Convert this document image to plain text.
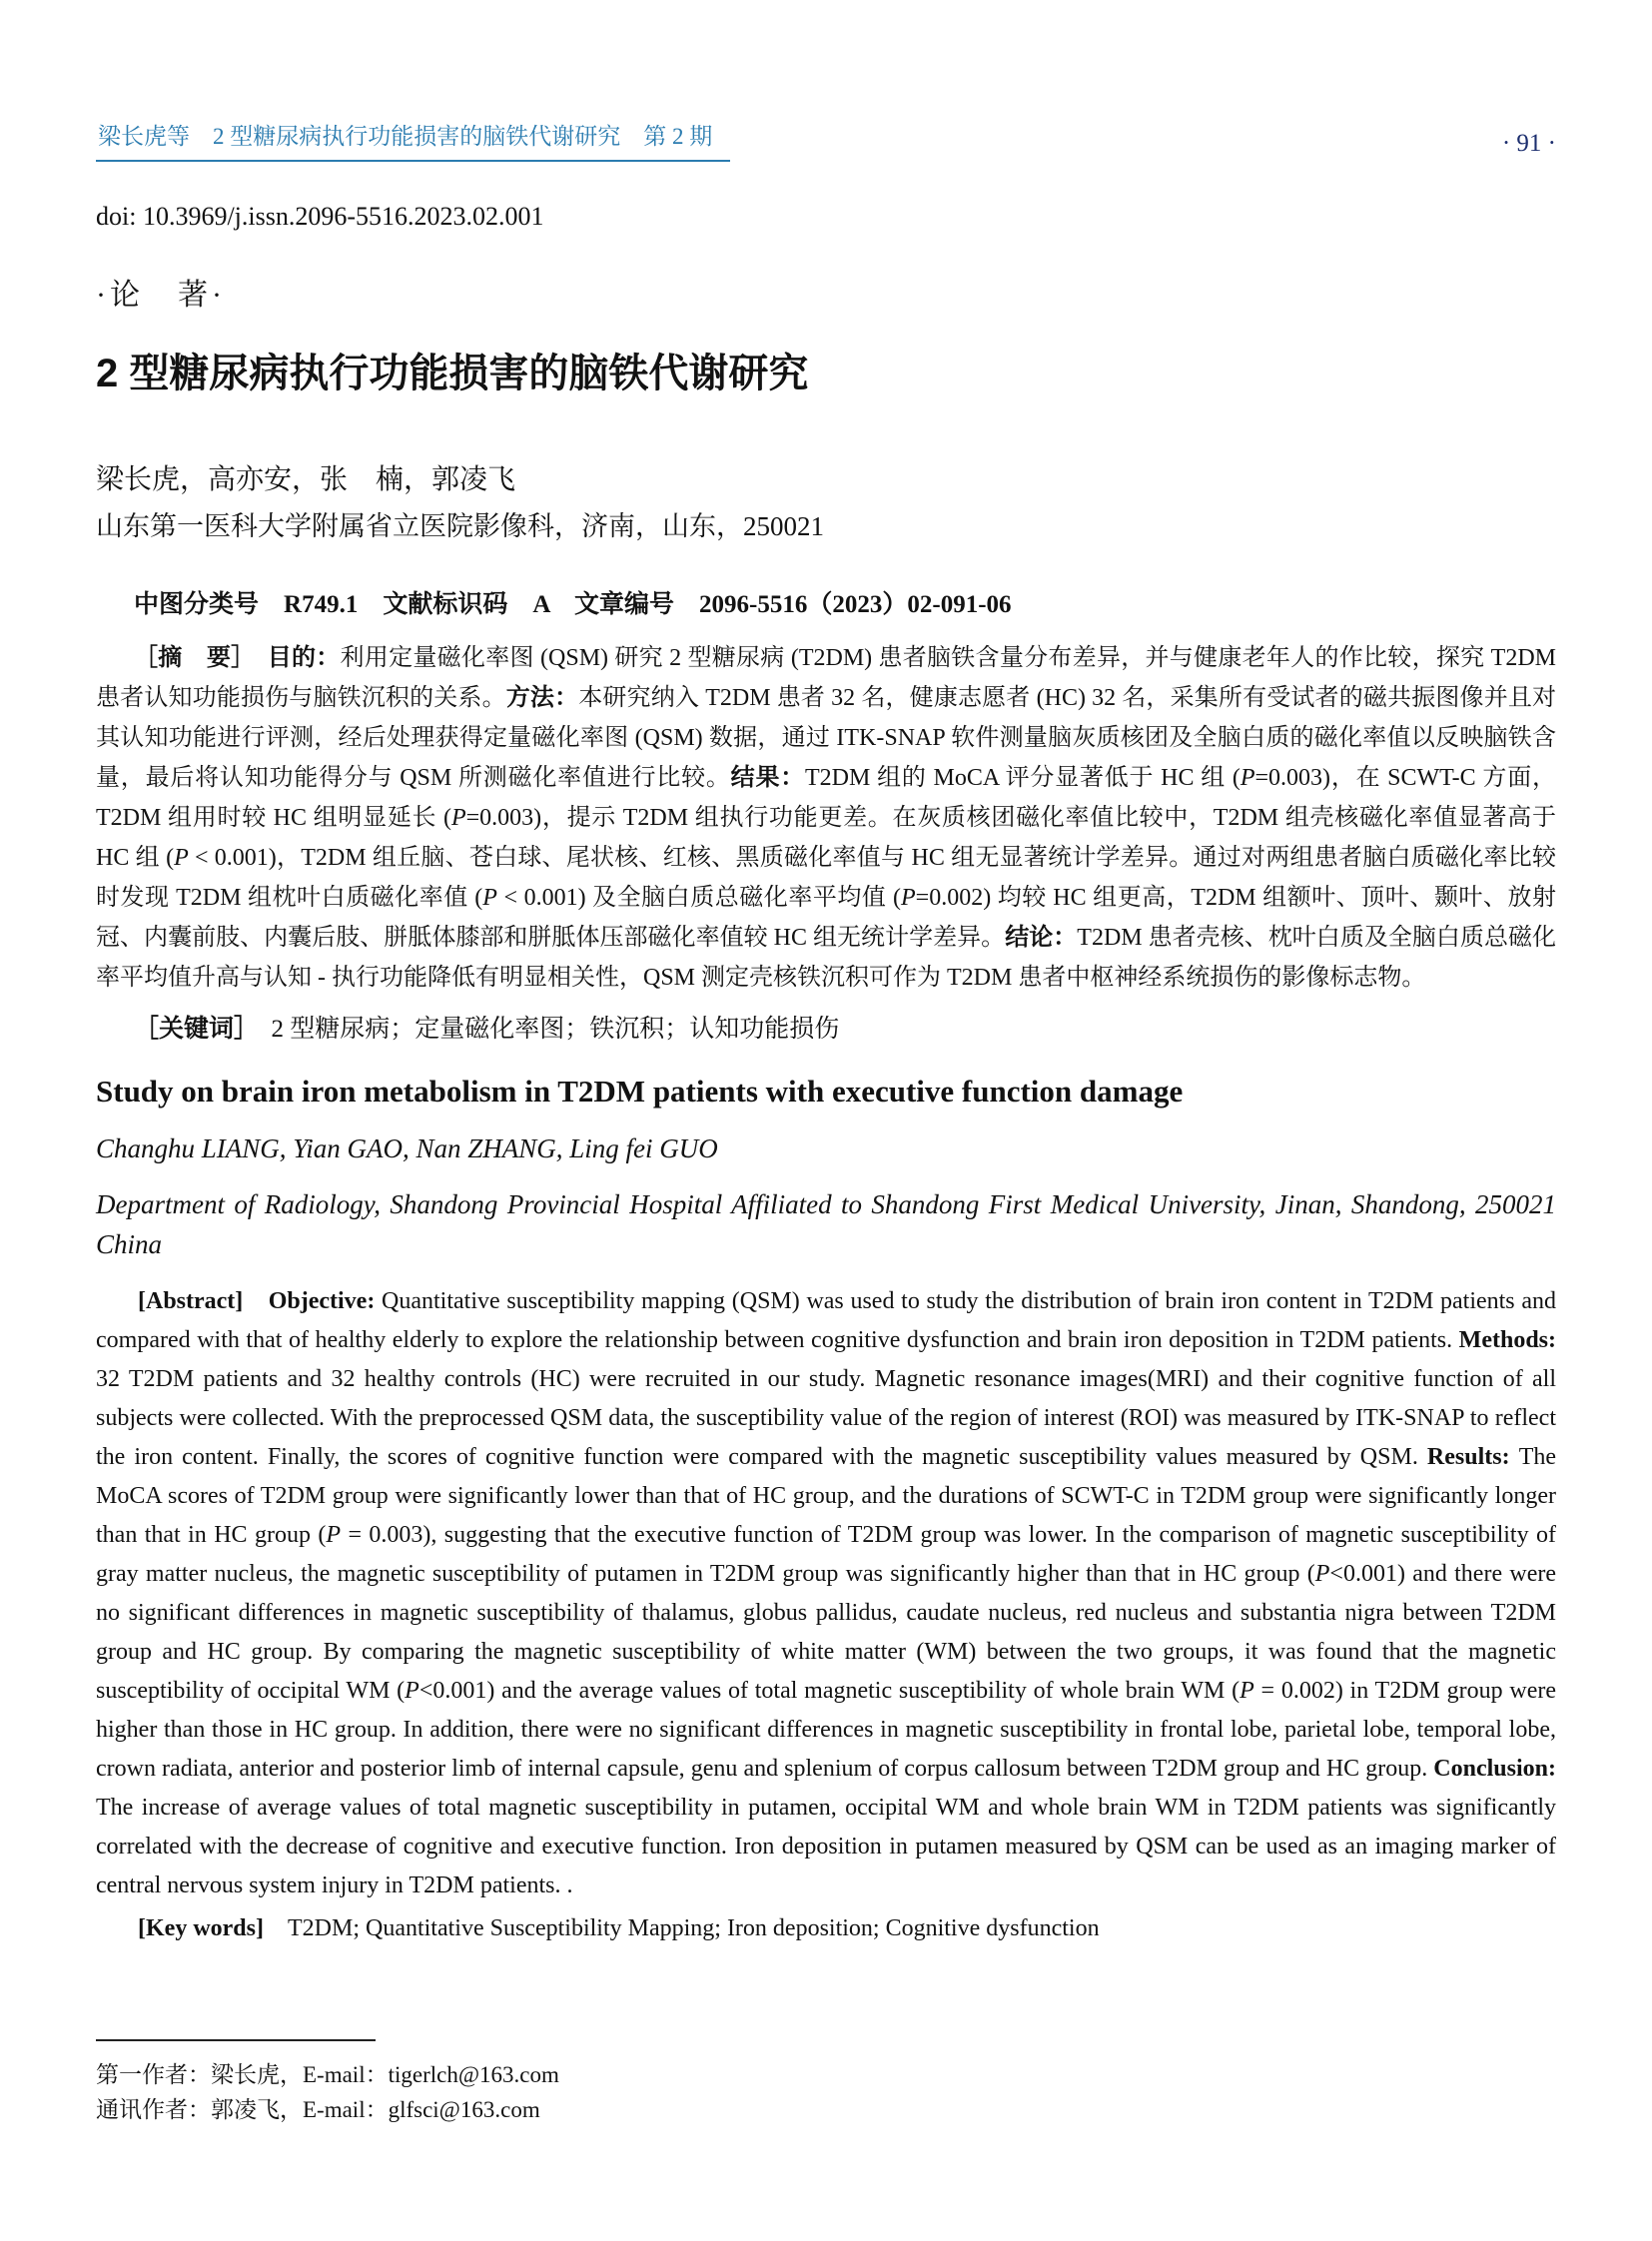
梁长虎等　2 型糖尿病执行功能损害的脑铁代谢研究　第 2 期	· 91 ·
doi: 10.3969/j.issn.2096-5516.2023.02.001
·论　著·
2 型糖尿病执行功能损害的脑铁代谢研究
梁长虎，高亦安，张　楠，郭凌飞
山东第一医科大学附属省立医院影像科，济南，山东，250021
中图分类号　R749.1　文献标识码　A　文章编号　2096-5516（2023）02-091-06

［摘　要］　目的：利用定量磁化率图 (QSM) 研究 2 型糖尿病 (T2DM) 患者脑铁含量分布差异，并与健康老年人的作比较，探究 T2DM 患者认知功能损伤与脑铁沉积的关系。方法：本研究纳入 T2DM 患者 32 名，健康志愿者 (HC) 32 名，采集所有受试者的磁共振图像并且对其认知功能进行评测，经后处理获得定量磁化率图 (QSM) 数据，通过 ITK-SNAP 软件测量脑灰质核团及全脑白质的磁化率值以反映脑铁含量，最后将认知功能得分与 QSM 所测磁化率值进行比较。结果：T2DM 组的 MoCA 评分显著低于 HC 组 (P=0.003)，在 SCWT-C 方面，T2DM 组用时较 HC 组明显延长 (P=0.003)，提示 T2DM 组执行功能更差。在灰质核团磁化率值比较中，T2DM 组壳核磁化率值显著高于 HC 组 (P < 0.001)，T2DM 组丘脑、苍白球、尾状核、红核、黑质磁化率值与 HC 组无显著统计学差异。通过对两组患者脑白质磁化率比较时发现 T2DM 组枕叶白质磁化率值 (P < 0.001) 及全脑白质总磁化率平均值 (P=0.002) 均较 HC 组更高，T2DM 组额叶、顶叶、颞叶、放射冠、内囊前肢、内囊后肢、胼胝体膝部和胼胝体压部磁化率值较 HC 组无统计学差异。结论：T2DM 患者壳核、枕叶白质及全脑白质总磁化率平均值升高与认知 - 执行功能降低有明显相关性，QSM 测定壳核铁沉积可作为 T2DM 患者中枢神经系统损伤的影像标志物。

［关键词］　2 型糖尿病；定量磁化率图；铁沉积；认知功能损伤
Study on brain iron metabolism in T2DM patients with executive function damage
Changhu LIANG, Yian GAO, Nan ZHANG, Ling fei GUO
Department of Radiology, Shandong Provincial Hospital Affiliated to Shandong First Medical University, Jinan, Shandong, 250021 China

[Abstract]　Objective: Quantitative susceptibility mapping (QSM) was used to study the distribution of brain iron content in T2DM patients and compared with that of healthy elderly to explore the relationship between cognitive dysfunction and brain iron deposition in T2DM patients. Methods: 32 T2DM patients and 32 healthy controls (HC) were recruited in our study. Magnetic resonance images(MRI) and their cognitive function of all subjects were collected. With the preprocessed QSM data, the susceptibility value of the region of interest (ROI) was measured by ITK-SNAP to reflect the iron content. Finally, the scores of cognitive function were compared with the magnetic susceptibility values measured by QSM. Results: The MoCA scores of T2DM group were significantly lower than that of HC group, and the durations of SCWT-C in T2DM group were significantly longer than that in HC group (P = 0.003), suggesting that the executive function of T2DM group was lower. In the comparison of magnetic susceptibility of gray matter nucleus, the magnetic susceptibility of putamen in T2DM group was significantly higher than that in HC group (P<0.001) and there were no significant differences in magnetic susceptibility of thalamus, globus pallidus, caudate nucleus, red nucleus and substantia nigra between T2DM group and HC group. By comparing the magnetic susceptibility of white matter (WM) between the two groups, it was found that the magnetic susceptibility of occipital WM (P<0.001) and the average values of total magnetic susceptibility of whole brain WM (P = 0.002) in T2DM group were higher than those in HC group. In addition, there were no significant differences in magnetic susceptibility in frontal lobe, parietal lobe, temporal lobe, crown radiata, anterior and posterior limb of internal capsule, genu and splenium of corpus callosum between T2DM group and HC group. Conclusion: The increase of average values of total magnetic susceptibility in putamen, occipital WM and whole brain WM in T2DM patients was significantly correlated with the decrease of cognitive and executive function. Iron deposition in putamen measured by QSM can be used as an imaging marker of central nervous system injury in T2DM patients. .

[Key words]　T2DM; Quantitative Susceptibility Mapping; Iron deposition; Cognitive dysfunction
第一作者：梁长虎，E-mail：tigerlch@163.com
通讯作者：郭凌飞，E-mail：glfsci@163.com
